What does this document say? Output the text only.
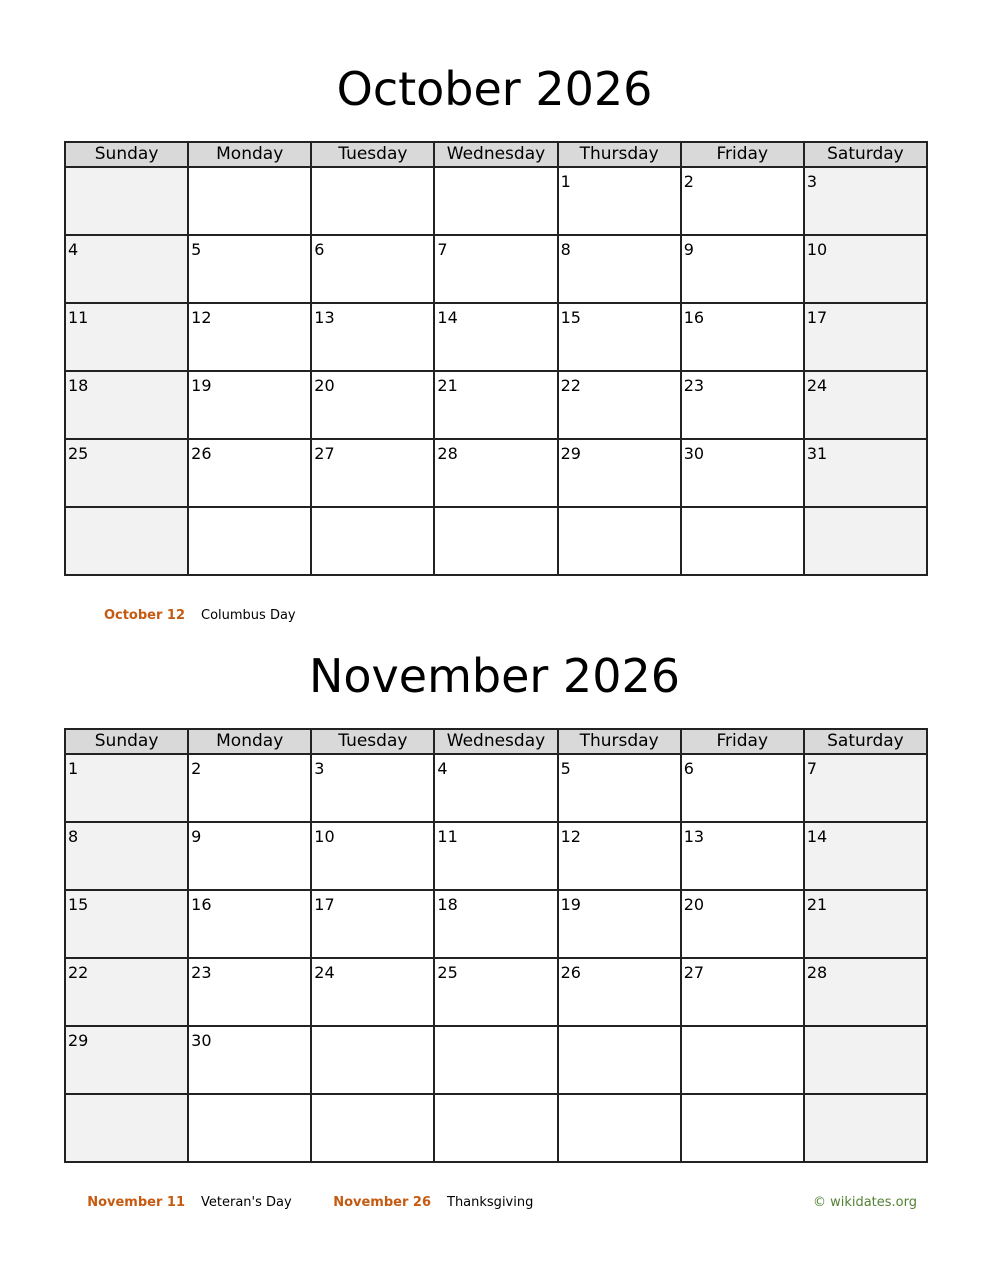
October 2026
Sunday	Monday	Tuesday	Wednesday	Thursday	Friday	Saturday

				1	2	3

4	5	6	7	8	9	10

11	12	13	14	15	16	17

18	19	20	21	22	23	24

25	26	27	28	29	30	31

October 12 Columbus Day
November 2026
Sunday	Monday	Tuesday	Wednesday	Thursday	Friday	Saturday

1	2	3	4	5	6	7

8	9	10	11	12	13	14

15	16	17	18	19	20	21

22	23	24	25	26	27	28

29	30					

November 11 Veteran's Day	November 26 Thanksgiving	© wikidates.org
